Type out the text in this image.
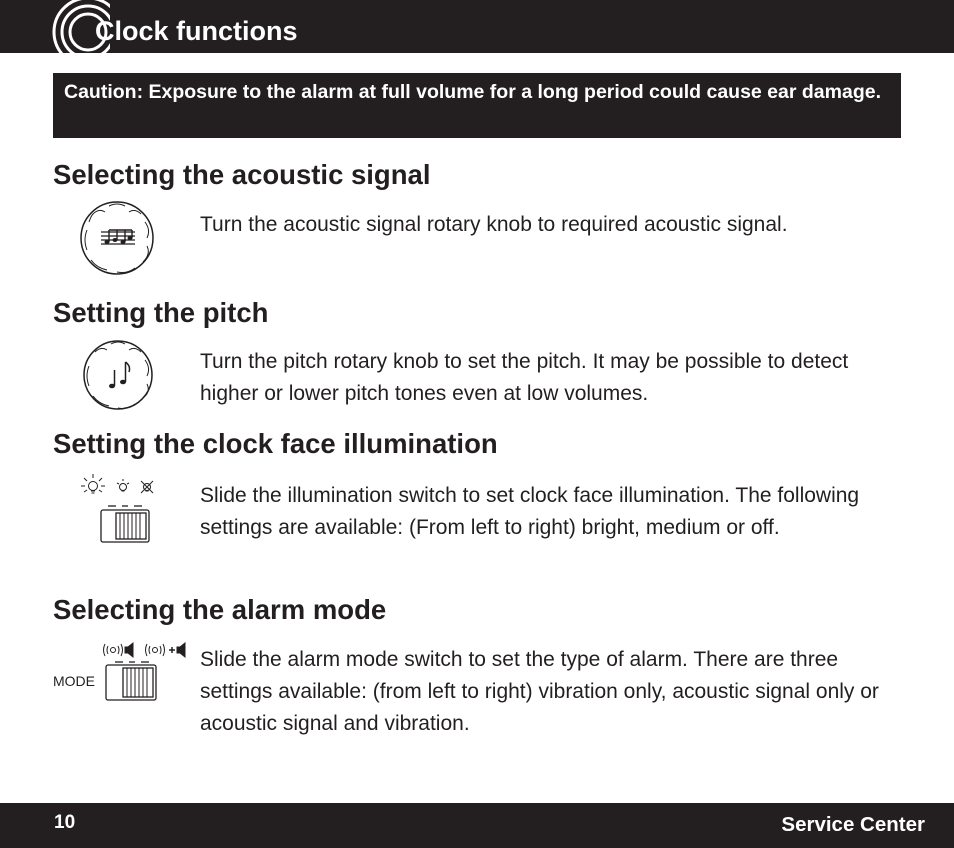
Clock functions
Caution: Exposure to the alarm at full volume for a long period could cause ear damage.
Selecting the acoustic signal

Turn the acoustic signal rotary knob to required acoustic signal.

Setting the pitch

Turn the pitch rotary knob to set the pitch. It may be possible to detect higher or lower pitch tones even at low volumes.

Setting the clock face illumination

Slide the illumination switch to set clock face illumination. The following settings are available: (From left to right) bright, medium or off.

Selecting the alarm mode
MODE

Slide the alarm mode switch to set the type of alarm. There are three settings available: (from left to right) vibration only, acoustic signal only or acoustic signal and vibration.

10	Service Center
